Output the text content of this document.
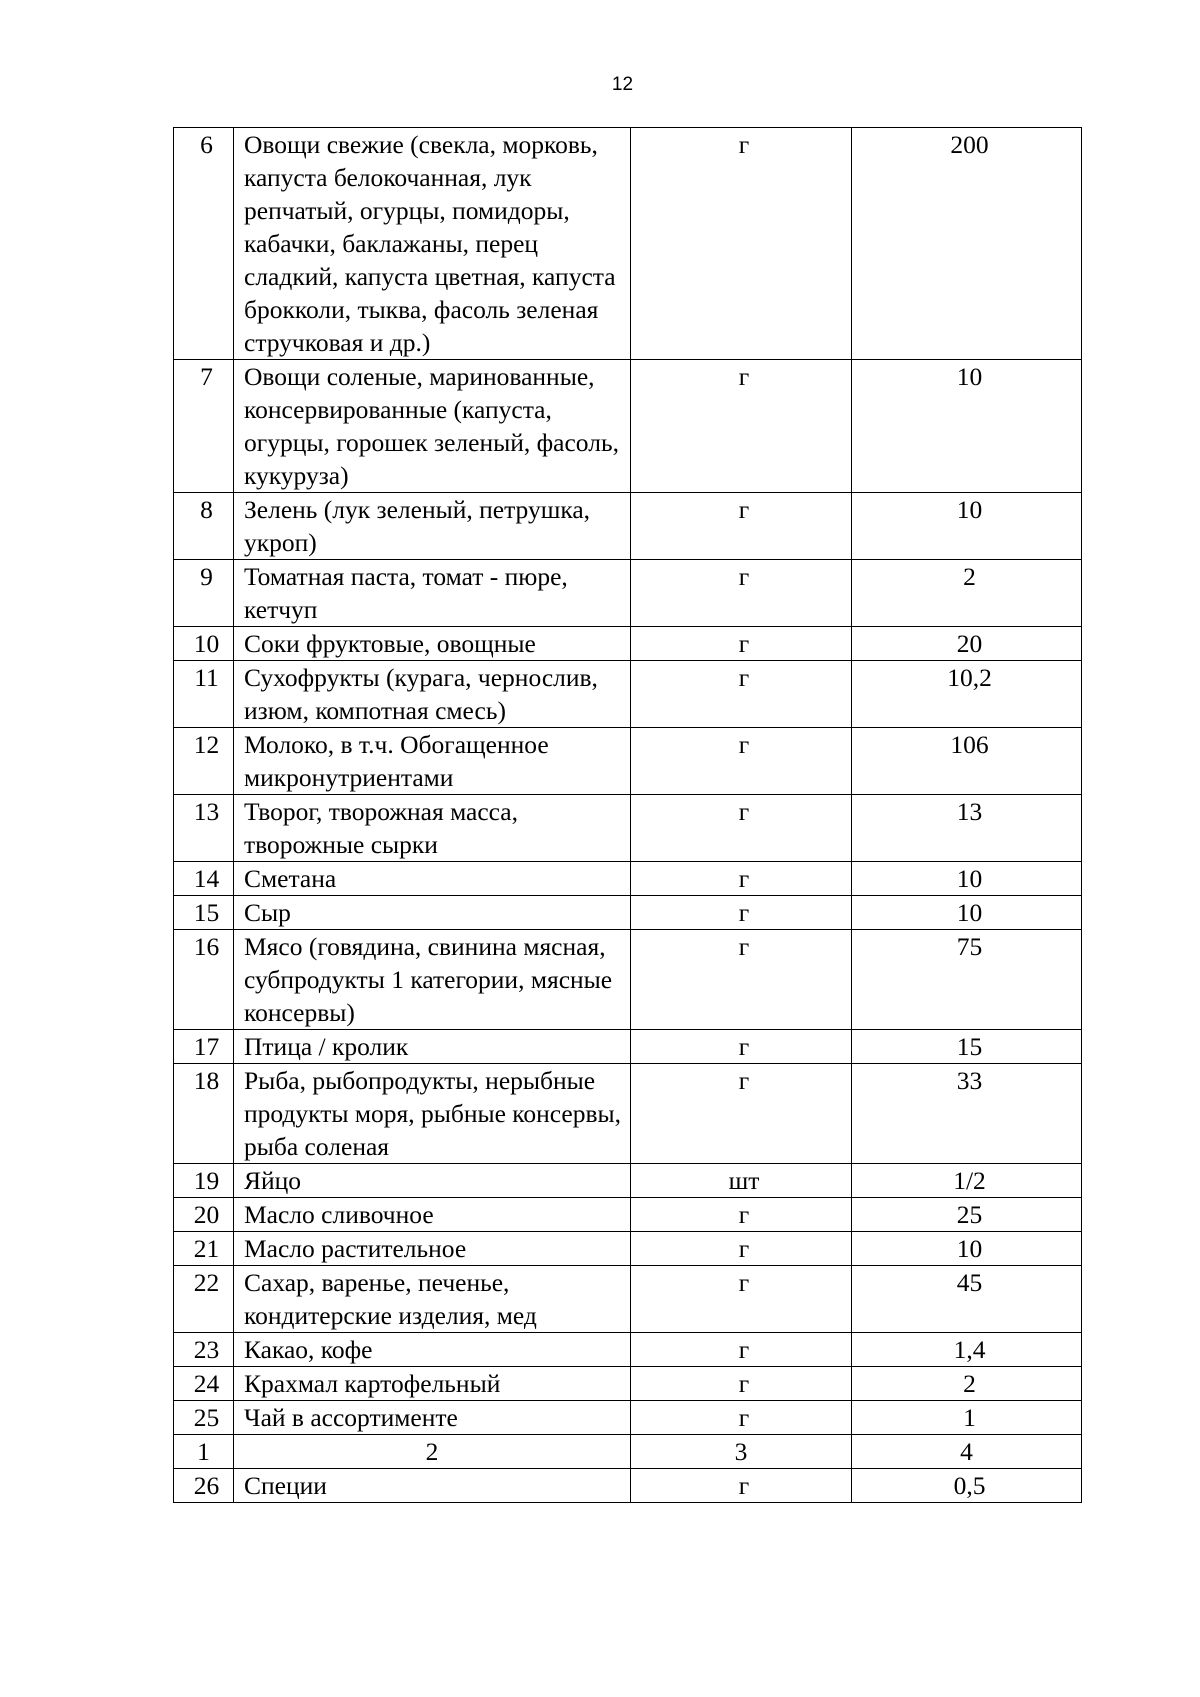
12
6	Овощи свежие (свекла, морковь, капуста белокочанная, лук репчатый, огурцы, помидоры, кабачки, баклажаны, перец сладкий, капуста цветная, капуста брокколи, тыква, фасоль зеленая стручковая и др.)	г	200
7	Овощи соленые, маринованные, консервированные (капуста, огурцы, горошек зеленый, фасоль, кукуруза)	г	10
8	Зелень (лук зеленый, петрушка, укроп)	г	10
9	Томатная паста, томат - пюре, кетчуп	г	2
10	Соки фруктовые, овощные	г	20
11	Сухофрукты (курага, чернослив, изюм, компотная смесь)	г	10,2
12	Молоко, в т.ч. Обогащенное микронутриентами	г	106
13	Творог, творожная масса, творожные сырки	г	13
14	Сметана	г	10
15	Сыр	г	10
16	Мясо (говядина, свинина мясная, субпродукты 1 категории, мясные консервы)	г	75
17	Птица / кролик	г	15
18	Рыба, рыбопродукты, нерыбные продукты моря, рыбные консервы, рыба соленая	г	33
19	Яйцо	шт	1/2
20	Масло сливочное	г	25
21	Масло растительное	г	10
22	Сахар, варенье, печенье, кондитерские изделия, мед	г	45
23	Какао, кофе	г	1,4
24	Крахмал картофельный	г	2
25	Чай в ассортименте	г	1
1	2	3	4
26	Специи	г	0,5
